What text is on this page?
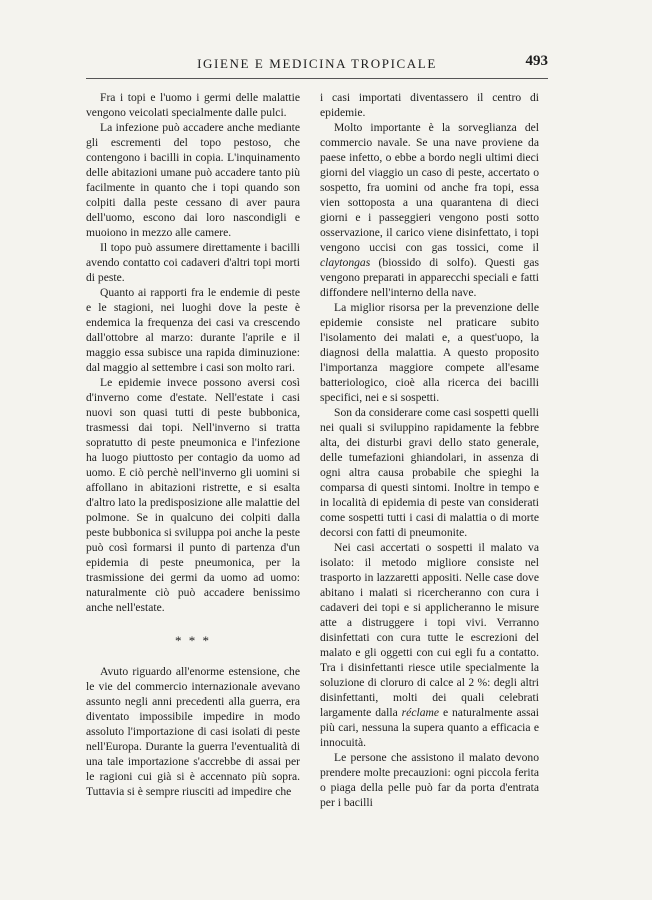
IGIENE E MEDICINA TROPICALE	493

Fra i topi e l'uomo i germi delle malattie vengono veicolati specialmente dalle pulci.

La infezione può accadere anche mediante gli escrementi del topo pestoso, che contengono i bacilli in copia. L'inquinamento delle abitazioni umane può accadere tanto più facilmente in quanto che i topi quando son colpiti dalla peste cessano di aver paura dell'uomo, escono dai loro nascondigli e muoiono in mezzo alle camere.

Il topo può assumere direttamente i bacilli avendo contatto coi cadaveri d'altri topi morti di peste.

Quanto ai rapporti fra le endemie di peste e le stagioni, nei luoghi dove la peste è endemica la frequenza dei casi va crescendo dall'ottobre al marzo: durante l'aprile e il maggio essa subisce una rapida diminuzione: dal maggio al settembre i casi son molto rari.

Le epidemie invece possono aversi così d'inverno come d'estate. Nell'estate i casi nuovi son quasi tutti di peste bubbonica, trasmessi dai topi. Nell'inverno si tratta sopratutto di peste pneumonica e l'infezione ha luogo piuttosto per contagio da uomo ad uomo. E ciò perchè nell'inverno gli uomini si affollano in abitazioni ristrette, e si esalta d'altro lato la predisposizione alle malattie del polmone. Se in qualcuno dei colpiti dalla peste bubbonica si sviluppa poi anche la peste può così formarsi il punto di partenza d'un epidemia di peste pneumonica, per la trasmissione dei germi da uomo ad uomo: naturalmente ciò può accadere benissimo anche nell'estate.

* * *

Avuto riguardo all'enorme estensione, che le vie del commercio internazionale avevano assunto negli anni precedenti alla guerra, era diventato impossibile impedire in modo assoluto l'importazione di casi isolati di peste nell'Europa. Durante la guerra l'eventualità di una tale importazione s'accrebbe di assai per le ragioni cui già si è accennato più sopra. Tuttavia si è sempre riusciti ad impedire che

i casi importati diventassero il centro di epidemie.

Molto importante è la sorveglianza del commercio navale. Se una nave proviene da paese infetto, o ebbe a bordo negli ultimi dieci giorni del viaggio un caso di peste, accertato o sospetto, fra uomini od anche fra topi, essa vien sottoposta a una quarantena di dieci giorni e i passeggieri vengono posti sotto osservazione, il carico viene disinfettato, i topi vengono uccisi con gas tossici, come il claytongas (biossido di solfo). Questi gas vengono preparati in apparecchi speciali e fatti diffondere nell'interno della nave.

La miglior risorsa per la prevenzione delle epidemie consiste nel praticare subito l'isolamento dei malati e, a quest'uopo, la diagnosi della malattia. A questo proposito l'importanza maggiore compete all'esame batteriologico, cioè alla ricerca dei bacilli specifici, nei e si sospetti.

Son da considerare come casi sospetti quelli nei quali si sviluppino rapidamente la febbre alta, dei disturbi gravi dello stato generale, delle tumefazioni ghiandolari, in assenza di ogni altra causa probabile che spieghi la comparsa di questi sintomi. Inoltre in tempo e in località di epidemia di peste van considerati come sospetti tutti i casi di malattia o di morte decorsi con fatti di pneumonite.

Nei casi accertati o sospetti il malato va isolato: il metodo migliore consiste nel trasporto in lazzaretti appositi. Nelle case dove abitano i malati si ricercheranno con cura i cadaveri dei topi e si applicheranno le misure atte a distruggere i topi vivi. Verranno disinfettati con cura tutte le escrezioni del malato e gli oggetti con cui egli fu a contatto. Tra i disinfettanti riesce utile specialmente la soluzione di cloruro di calce al 2 %: degli altri disinfettanti, molti dei quali celebrati largamente dalla réclame e naturalmente assai più cari, nessuna la supera quanto a efficacia e innocuità.

Le persone che assistono il malato devono prendere molte precauzioni: ogni piccola ferita o piaga della pelle può far da porta d'entrata per i bacilli
